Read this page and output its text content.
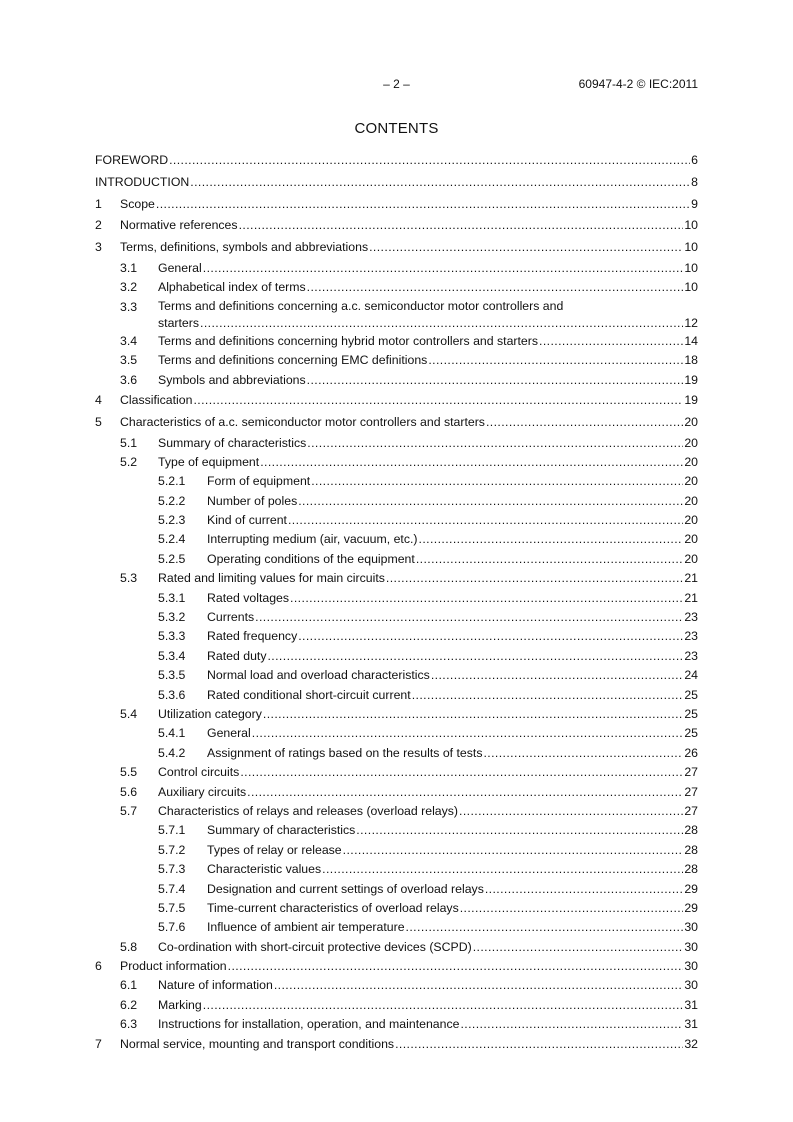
– 2 –	60947-4-2 © IEC:2011
CONTENTS
FOREWORD .....	6
INTRODUCTION .....	8
1	Scope .....	9
2	Normative references .....	10
3	Terms, definitions, symbols and abbreviations .....	10
3.1	General .....	10
3.2	Alphabetical index of terms .....	10
3.3	Terms and definitions concerning a.c. semiconductor motor controllers and
starters .....	12
3.4	Terms and definitions concerning hybrid motor controllers and starters .....	14
3.5	Terms and definitions concerning EMC definitions .....	18
3.6	Symbols and abbreviations .....	19
4	Classification .....	19
5	Characteristics of a.c. semiconductor motor controllers and starters .....	20
5.1	Summary of characteristics .....	20
5.2	Type of equipment .....	20
5.2.1	Form of equipment .....	20
5.2.2	Number of poles .....	20
5.2.3	Kind of current .....	20
5.2.4	Interrupting medium (air, vacuum, etc.) .....	20
5.2.5	Operating conditions of the equipment .....	20
5.3	Rated and limiting values for main circuits .....	21
5.3.1	Rated voltages .....	21
5.3.2	Currents .....	23
5.3.3	Rated frequency .....	23
5.3.4	Rated duty .....	23
5.3.5	Normal load and overload characteristics .....	24
5.3.6	Rated conditional short-circuit current .....	25
5.4	Utilization category .....	25
5.4.1	General .....	25
5.4.2	Assignment of ratings based on the results of tests .....	26
5.5	Control circuits .....	27
5.6	Auxiliary circuits .....	27
5.7	Characteristics of relays and releases (overload relays) .....	27
5.7.1	Summary of characteristics .....	28
5.7.2	Types of relay or release .....	28
5.7.3	Characteristic values .....	28
5.7.4	Designation and current settings of overload relays .....	29
5.7.5	Time-current characteristics of overload relays .....	29
5.7.6	Influence of ambient air temperature .....	30
5.8	Co-ordination with short-circuit protective devices (SCPD) .....	30
6	Product information .....	30
6.1	Nature of information .....	30
6.2	Marking .....	31
6.3	Instructions for installation, operation, and maintenance .....	31
7	Normal service, mounting and transport conditions .....	32
